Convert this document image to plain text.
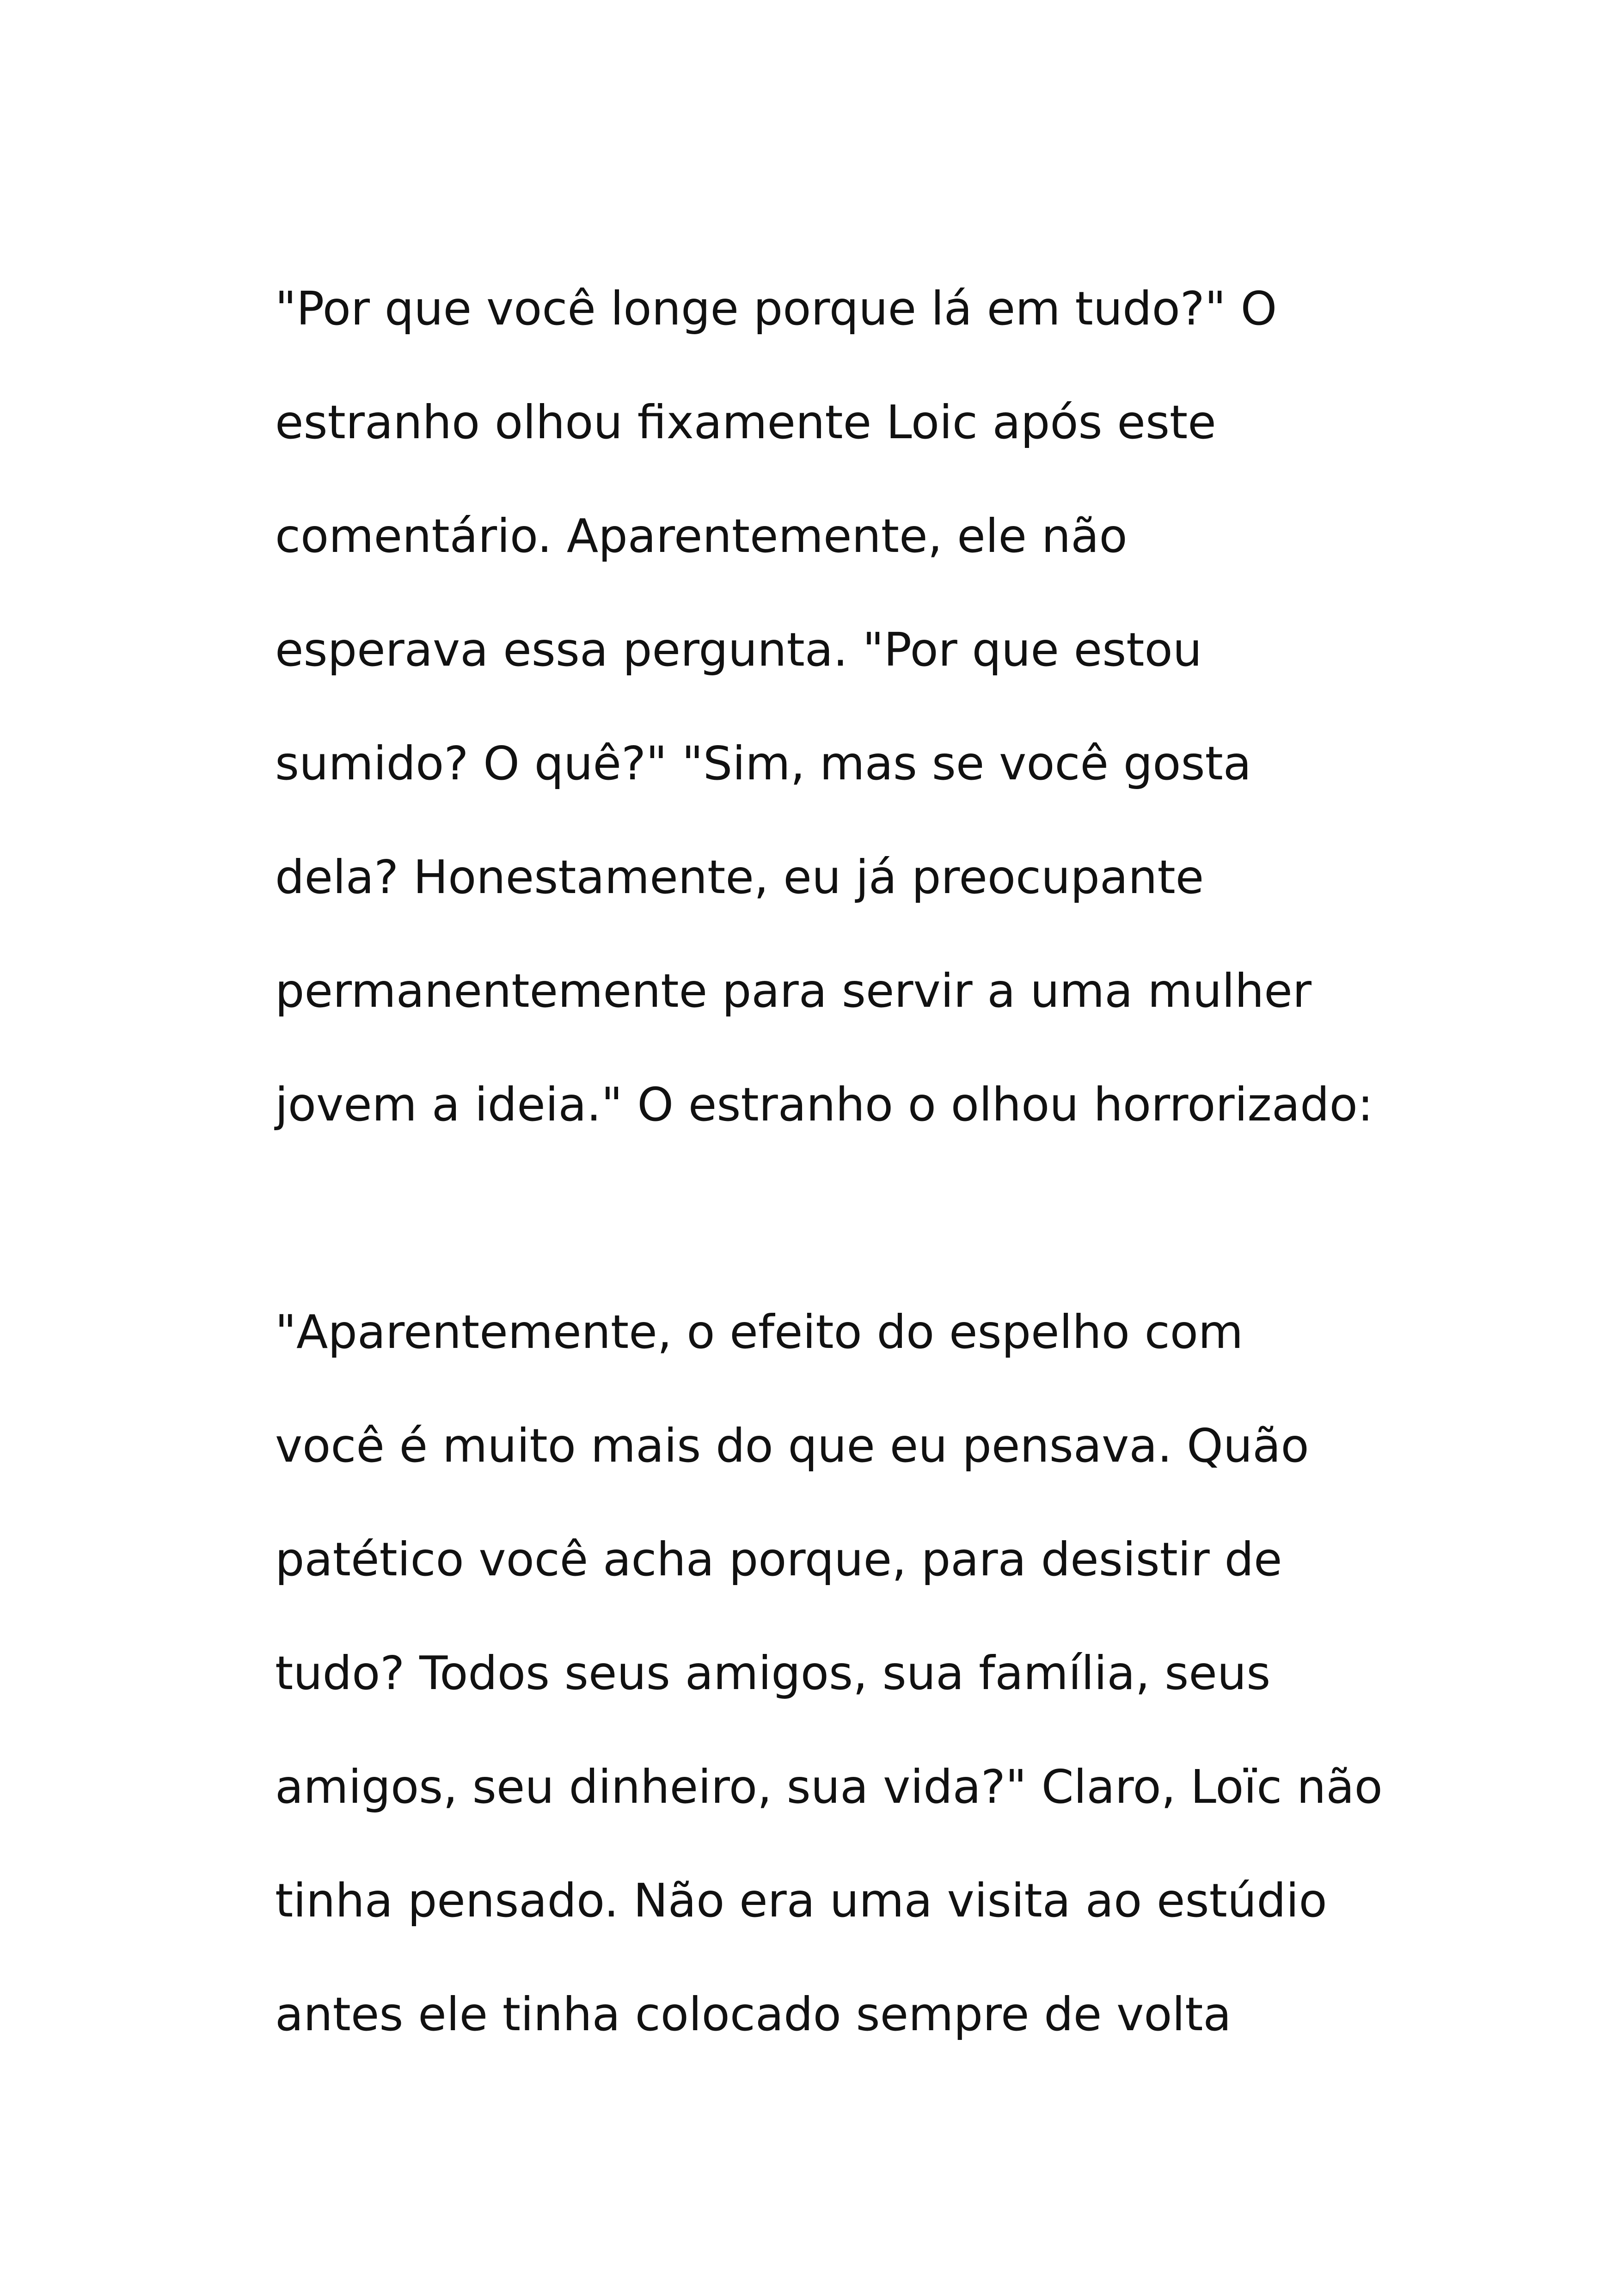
"Por que você longe porque lá em tudo?" O
estranho olhou fixamente Loic após este
comentário. Aparentemente, ele não
esperava essa pergunta. "Por que estou
sumido? O quê?" "Sim, mas se você gosta
dela? Honestamente, eu já preocupante
permanentemente para servir a uma mulher
jovem a ideia." O estranho o olhou horrorizado:
"Aparentemente, o efeito do espelho com
você é muito mais do que eu pensava. Quão
patético você acha porque, para desistir de
tudo? Todos seus amigos, sua família, seus
amigos, seu dinheiro, sua vida?" Claro, Loïc não
tinha pensado. Não era uma visita ao estúdio
antes ele tinha colocado sempre de volta
